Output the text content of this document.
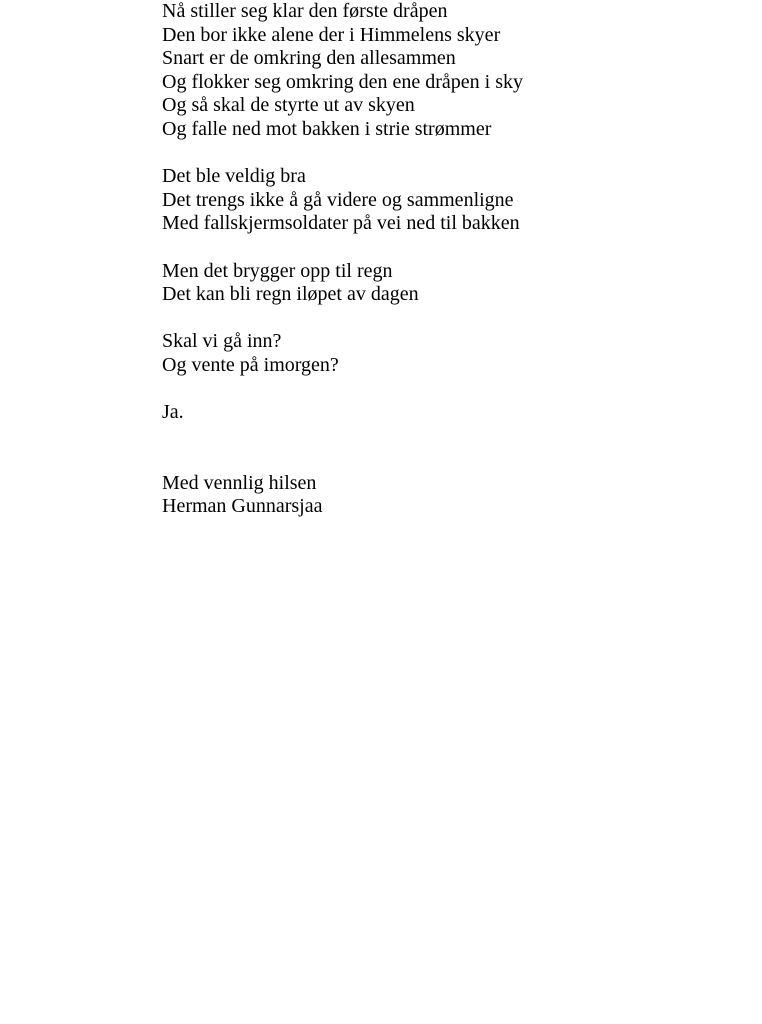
Nå stiller seg klar den første dråpen
Den bor ikke alene der i Himmelens skyer
Snart er de omkring den allesammen
Og flokker seg omkring den ene dråpen i sky
Og så skal de styrte ut av skyen
Og falle ned mot bakken i strie strømmer
Det ble veldig bra
Det trengs ikke å gå videre og sammenligne
Med fallskjermsoldater på vei ned til bakken
Men det brygger opp til regn
Det kan bli regn iløpet av dagen
Skal vi gå inn?
Og vente på imorgen?
Ja.
Med vennlig hilsen
Herman Gunnarsjaa
